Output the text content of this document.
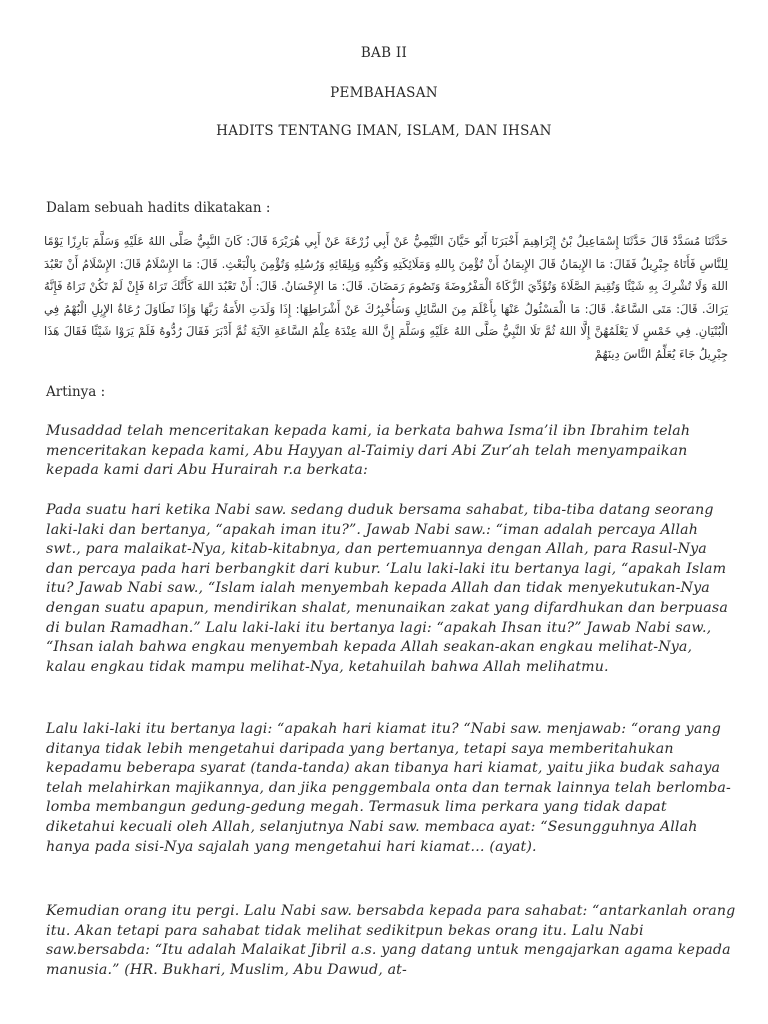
BAB II
PEMBAHASAN
HADITS TENTANG IMAN, ISLAM, DAN IHSAN
Dalam sebuah hadits dikatakan :
حَدَّثَنَا مُسَدَّدٌ قَالَ حَدَّثَنَا إِسْمَاعِيلُ بْنُ إِبْرَاهِيمَ أَخْبَرَنَا أَبُو حَيَّانَ التَّيْمِيُّ عَنْ أَبِي زُرْعَةَ عَنْ أَبِي هُرَيْرَةَ قَالَ: كَانَ النَّبِيُّ صَلَّى اللهُ عَلَيْهِ وَسَلَّمَ بَارِزًا يَوْمًا لِلنَّاسِ فَأَتَاهُ جِبْرِيلُ فَقَالَ: مَا الإِيمَانُ قَالَ الإِيمَانُ أَنْ تُؤْمِنَ بِاللهِ وَمَلَائِكَتِهِ وَكُتُبِهِ وَبِلِقَائِهِ وَرُسُلِهِ وَتُؤْمِنَ بِالْبَعْثِ. قَالَ: مَا الإِسْلَامُ قَالَ: الإِسْلَامُ أَنْ تَعْبُدَ اللهَ وَلَا تُشْرِكَ بِهِ شَيْئًا وَتُقِيمَ الصَّلَاةَ وَتُؤَدِّيَ الزَّكَاةَ الْمَفْرُوضَةَ وَتَصُومَ رَمَضَانَ. قَالَ: مَا الإِحْسَانُ. قَالَ: أَنْ تَعْبُدَ اللهَ كَأَنَّكَ تَرَاهُ فَإِنْ لَمْ تَكُنْ تَرَاهُ فَإِنَّهُ يَرَاكَ. قَالَ: مَتَى السَّاعَةُ. قَالَ: مَا الْمَسْئُولُ عَنْهَا بِأَعْلَمَ مِنَ السَّائِلِ وَسَأُخْبِرُكَ عَنْ أَشْرَاطِهَا: إِذَا وَلَدَتِ الأَمَةُ رَبَّهَا وَإِذَا تَطَاوَلَ رُعَاةُ الإِبِلِ الْبُهْمُ فِي الْبُنْيَانِ. فِي خَمْسٍ لَا يَعْلَمُهُنَّ إِلَّا اللهُ ثُمَّ تَلَا النَّبِيُّ صَلَّى اللهُ عَلَيْهِ وَسَلَّمَ إِنَّ اللهَ عِنْدَهُ عِلْمُ السَّاعَةِ الآيَةَ ثُمَّ أَدْبَرَ فَقَالَ رُدُّوهُ فَلَمْ يَرَوْا شَيْئًا فَقَالَ هَذَا جِبْرِيلُ جَاءَ يُعَلِّمُ النَّاسَ دِينَهُمْ
Artinya :
Musaddad telah menceritakan kepada kami, ia berkata bahwa Isma’il ibn Ibrahim telah menceritakan kepada kami, Abu Hayyan al-Taimiy dari Abi Zur’ah telah menyampaikan kepada kami dari Abu Hurairah r.a berkata:
Pada suatu hari ketika Nabi saw. sedang duduk bersama sahabat, tiba-tiba datang seorang laki-laki dan bertanya, “apakah iman itu?”. Jawab Nabi saw.: “iman adalah percaya Allah swt., para malaikat-Nya, kitab-kitabnya, dan pertemuannya dengan Allah, para Rasul-Nya dan percaya pada hari berbangkit dari kubur. ‘Lalu laki-laki itu bertanya lagi, “apakah Islam itu? Jawab Nabi saw., “Islam ialah menyembah kepada Allah dan tidak menyekutukan-Nya dengan suatu apapun, mendirikan shalat, menunaikan zakat yang difardhukan dan berpuasa di bulan Ramadhan.” Lalu laki-laki itu bertanya lagi: “apakah Ihsan itu?” Jawab Nabi saw., “Ihsan ialah bahwa engkau menyembah kepada Allah seakan-akan engkau melihat-Nya, kalau engkau tidak mampu melihat-Nya, ketahuilah bahwa Allah melihatmu.
Lalu laki-laki itu bertanya lagi: “apakah hari kiamat itu? “Nabi saw. menjawab: “orang yang ditanya tidak lebih mengetahui daripada yang bertanya, tetapi saya memberitahukan kepadamu beberapa syarat (tanda-tanda) akan tibanya hari kiamat, yaitu jika budak sahaya telah melahirkan majikannya, dan jika penggembala onta dan ternak lainnya telah berlomba-lomba membangun gedung-gedung megah. Termasuk lima perkara yang tidak dapat diketahui kecuali oleh Allah, selanjutnya Nabi saw. membaca ayat: “Sesungguhnya Allah hanya pada sisi-Nya sajalah yang mengetahui hari kiamat… (ayat).
Kemudian orang itu pergi. Lalu Nabi saw. bersabda kepada para sahabat: “antarkanlah orang itu. Akan tetapi para sahabat tidak melihat sedikitpun bekas orang itu. Lalu Nabi saw.bersabda: “Itu adalah Malaikat Jibril a.s. yang datang untuk mengajarkan agama kepada manusia.” (HR. Bukhari, Muslim, Abu Dawud, at-
